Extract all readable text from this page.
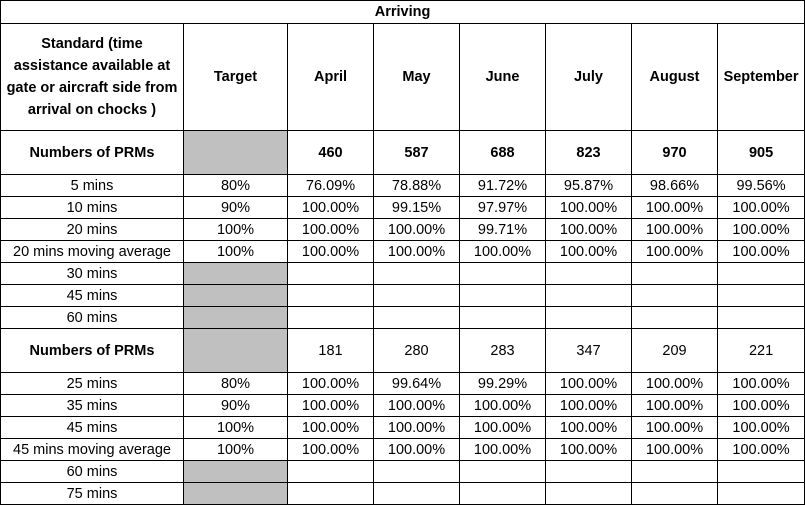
Arriving							
Standard (time assistance available at gate or aircraft side from arrival on chocks )	Target	April	May	June	July	August	September
Numbers of PRMs		460	587	688	823	970	905
5 mins	80%	76.09%	78.88%	91.72%	95.87%	98.66%	99.56%
10 mins	90%	100.00%	99.15%	97.97%	100.00%	100.00%	100.00%
20 mins	100%	100.00%	100.00%	99.71%	100.00%	100.00%	100.00%
20 mins moving average	100%	100.00%	100.00%	100.00%	100.00%	100.00%	100.00%
30 mins							
45 mins							
60 mins							
Numbers of PRMs		181	280	283	347	209	221
25 mins	80%	100.00%	99.64%	99.29%	100.00%	100.00%	100.00%
35 mins	90%	100.00%	100.00%	100.00%	100.00%	100.00%	100.00%
45 mins	100%	100.00%	100.00%	100.00%	100.00%	100.00%	100.00%
45 mins moving average	100%	100.00%	100.00%	100.00%	100.00%	100.00%	100.00%
60 mins							
75 mins							
